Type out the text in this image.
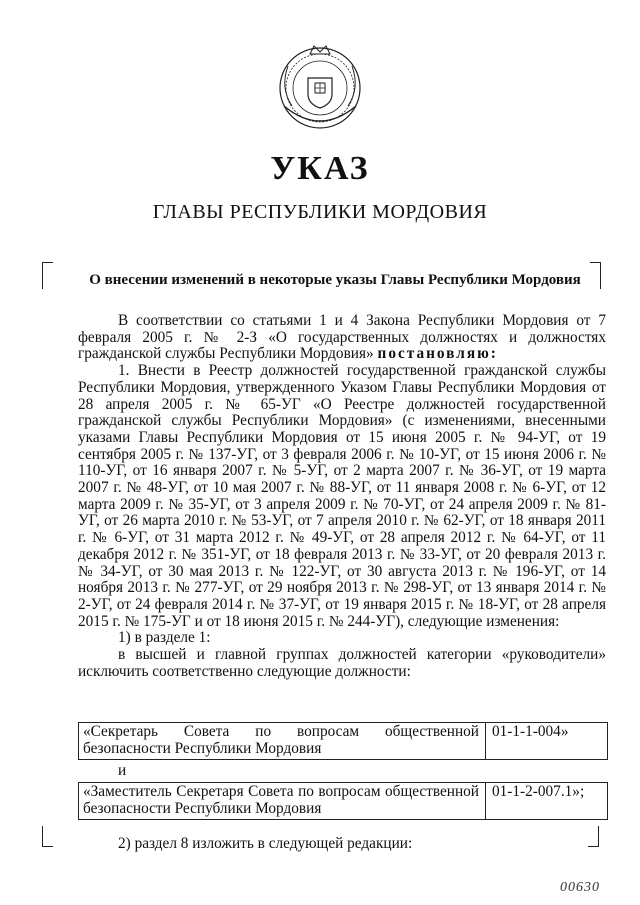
УКАЗ
ГЛАВЫ РЕСПУБЛИКИ МОРДОВИЯ
О внесении изменений в некоторые указы Главы Республики Мордовия

В соответствии со статьями 1 и 4 Закона Республики Мордовия от 7 февраля 2005 г. № 2-З «О государственных должностях и должностях гражданской службы Республики Мордовия» постановляю:

1. Внести в Реестр должностей государственной гражданской службы Республики Мордовия, утвержденного Указом Главы Республики Мордовия от 28 апреля 2005 г. № 65-УГ «О Реестре должностей государственной гражданской службы Республики Мордовия» (с изменениями, внесенными указами Главы Республики Мордовия от 15 июня 2005 г. № 94-УГ, от 19 сентября 2005 г. № 137-УГ, от 3 февраля 2006 г. № 10-УГ, от 15 июня 2006 г. № 110-УГ, от 16 января 2007 г. № 5-УГ, от 2 марта 2007 г. № 36-УГ, от 19 марта 2007 г. № 48-УГ, от 10 мая 2007 г. № 88-УГ, от 11 января 2008 г. № 6-УГ, от 12 марта 2009 г. № 35-УГ, от 3 апреля 2009 г. № 70-УГ, от 24 апреля 2009 г. № 81-УГ, от 26 марта 2010 г. № 53-УГ, от 7 апреля 2010 г. № 62-УГ, от 18 января 2011 г. № 6-УГ, от 31 марта 2012 г. № 49-УГ, от 28 апреля 2012 г. № 64-УГ, от 11 декабря 2012 г. № 351-УГ, от 18 февраля 2013 г. № 33-УГ, от 20 февраля 2013 г. № 34-УГ, от 30 мая 2013 г. № 122-УГ, от 30 августа 2013 г. № 196-УГ, от 14 ноября 2013 г. № 277-УГ, от 29 ноября 2013 г. № 298-УГ, от 13 января 2014 г. № 2-УГ, от 24 февраля 2014 г. № 37-УГ, от 19 января 2015 г. № 18-УГ, от 28 апреля 2015 г. № 175-УГ и от 18 июня 2015 г. № 244-УГ), следующие изменения:

1) в разделе 1:

в высшей и главной группах должностей категории «руководители» исключить соответственно следующие должности:

«Секретарь Совета по вопросам общественной безопасности Республики Мордовия
01-1-1-004»
и
«Заместитель Секретаря Совета по вопросам общественной безопасности Республики Мордовия
01-1-2-007.1»;
2) раздел 8 изложить в следующей редакции:
00630
